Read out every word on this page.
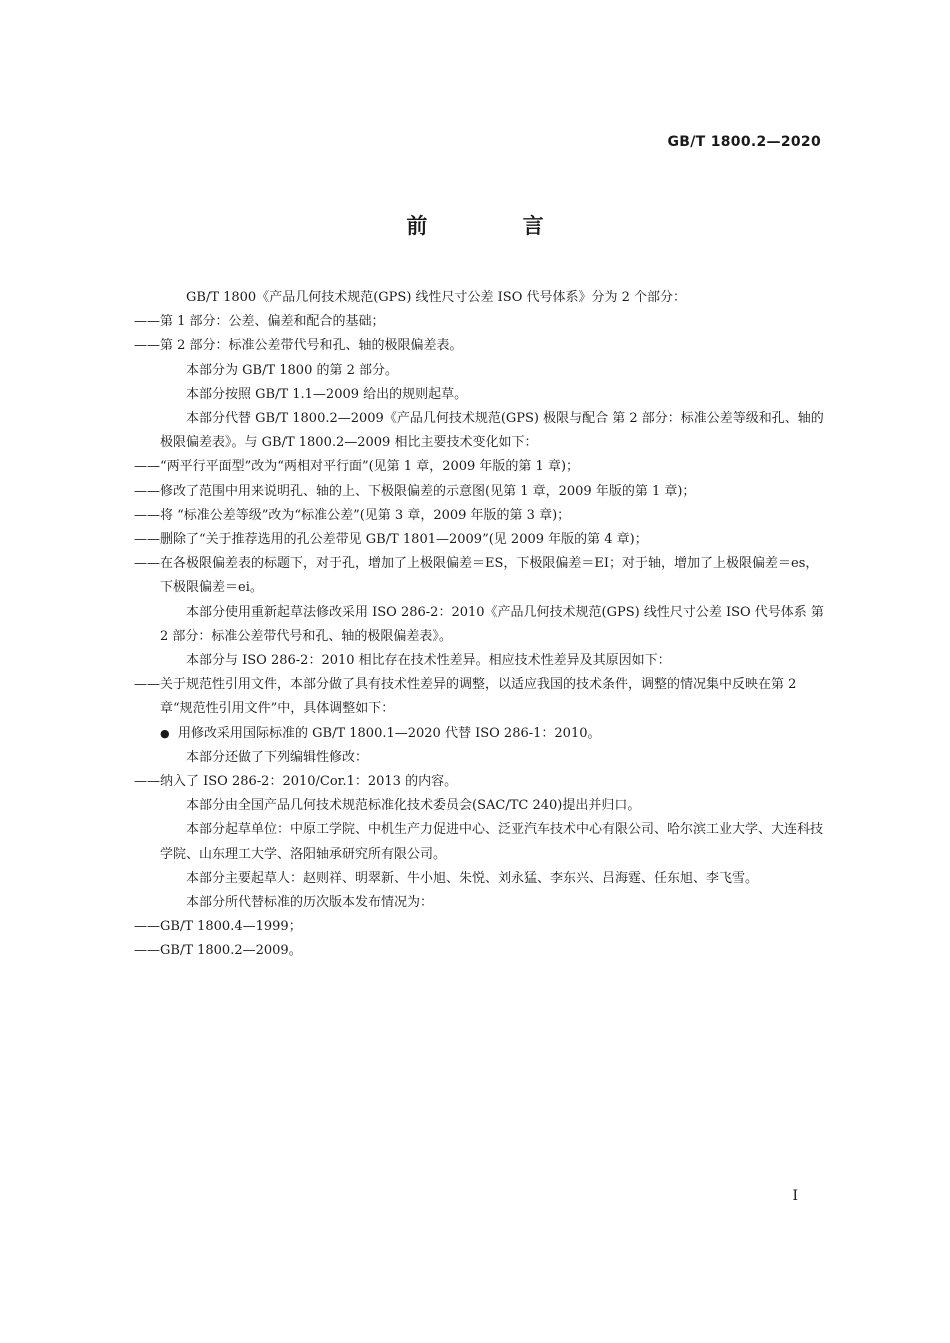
GB/T 1800.2—2020
前 言

GB/T 1800《产品几何技术规范(GPS) 线性尺寸公差 ISO 代号体系》分为 2 个部分：

——第 1 部分：公差、偏差和配合的基础；

——第 2 部分：标准公差带代号和孔、轴的极限偏差表。

本部分为 GB/T 1800 的第 2 部分。

本部分按照 GB/T 1.1—2009 给出的规则起草。

本部分代替 GB/T 1800.2—2009《产品几何技术规范(GPS) 极限与配合 第 2 部分：标准公差等级和孔、轴的极限偏差表》。与 GB/T 1800.2—2009 相比主要技术变化如下：

——“两平行平面型”改为“两相对平行面”(见第 1 章，2009 年版的第 1 章)；

——修改了范围中用来说明孔、轴的上、下极限偏差的示意图(见第 1 章，2009 年版的第 1 章)；

——将 “标准公差等级”改为“标准公差”(见第 3 章，2009 年版的第 3 章)；

——删除了“关于推荐选用的孔公差带见 GB/T 1801—2009”(见 2009 年版的第 4 章)；

——在各极限偏差表的标题下，对于孔，增加了上极限偏差＝ES，下极限偏差＝EI；对于轴，增加了上极限偏差＝es，下极限偏差＝ei。

本部分使用重新起草法修改采用 ISO 286-2：2010《产品几何技术规范(GPS) 线性尺寸公差 ISO 代号体系 第 2 部分：标准公差带代号和孔、轴的极限偏差表》。

本部分与 ISO 286-2：2010 相比存在技术性差异。相应技术性差异及其原因如下：

——关于规范性引用文件，本部分做了具有技术性差异的调整，以适应我国的技术条件，调整的情况集中反映在第 2 章“规范性引用文件”中，具体调整如下：

● 用修改采用国际标准的 GB/T 1800.1—2020 代替 ISO 286-1：2010。

本部分还做了下列编辑性修改：

——纳入了 ISO 286-2：2010/Cor.1：2013 的内容。

本部分由全国产品几何技术规范标准化技术委员会(SAC/TC 240)提出并归口。

本部分起草单位：中原工学院、中机生产力促进中心、泛亚汽车技术中心有限公司、哈尔滨工业大学、大连科技学院、山东理工大学、洛阳轴承研究所有限公司。

本部分主要起草人：赵则祥、明翠新、牛小旭、朱悦、刘永猛、李东兴、吕海霆、任东旭、李飞雪。

本部分所代替标准的历次版本发布情况为：

——GB/T 1800.4—1999；

——GB/T 1800.2—2009。

I
